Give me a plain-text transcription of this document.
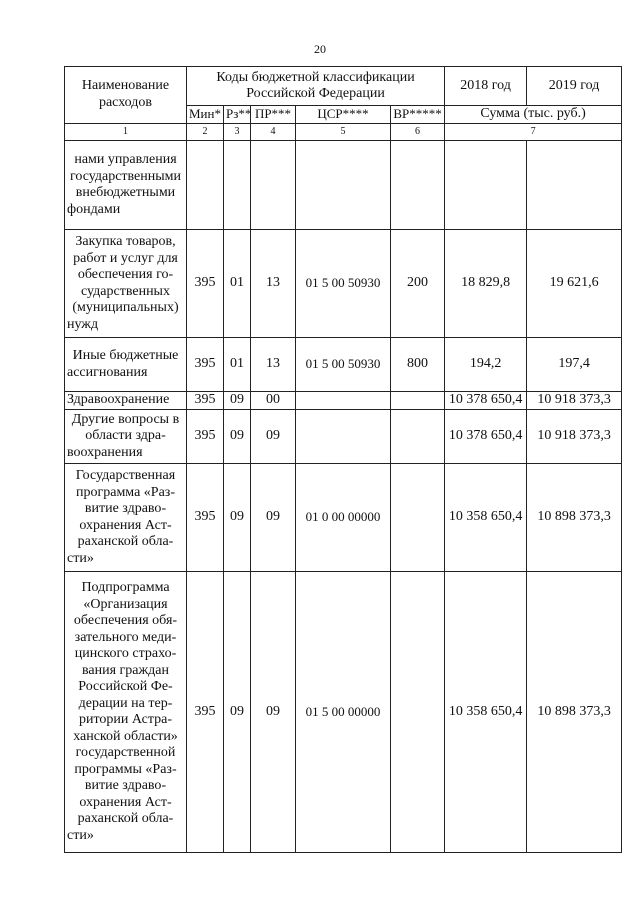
20
Наименование расходов	Коды бюджетной классификации Российской Федерации					2018 год	2019 год
	Мин*	Рз**	ПР***	ЦСР****	ВР*****	Сумма (тыс. руб.)	
1	2	3	4	5	6	7	
нами управления государственными внебюджетными фондами							
Закупка товаров, работ и услуг для обеспечения государственных (муниципальных) нужд	395	01	13	01 5 00 50930	200	18 829,8	19 621,6
Иные бюджетные ассигнования	395	01	13	01 5 00 50930	800	194,2	197,4
Здравоохранение	395	09	00			10 378 650,4	10 918 373,3
Другие вопросы в области здравоохранения	395	09	09			10 378 650,4	10 918 373,3
Государственная программа «Развитие здравоохранения Астраханской области»	395	09	09	01 0 00 00000		10 358 650,4	10 898 373,3
Подпрограмма «Организация обеспечения обязательного медицинского страхования граждан Российской Федерации на территории Астраханской области» государственной программы «Развитие здравоохранения Астраханской области»	395	09	09	01 5 00 00000		10 358 650,4	10 898 373,3
